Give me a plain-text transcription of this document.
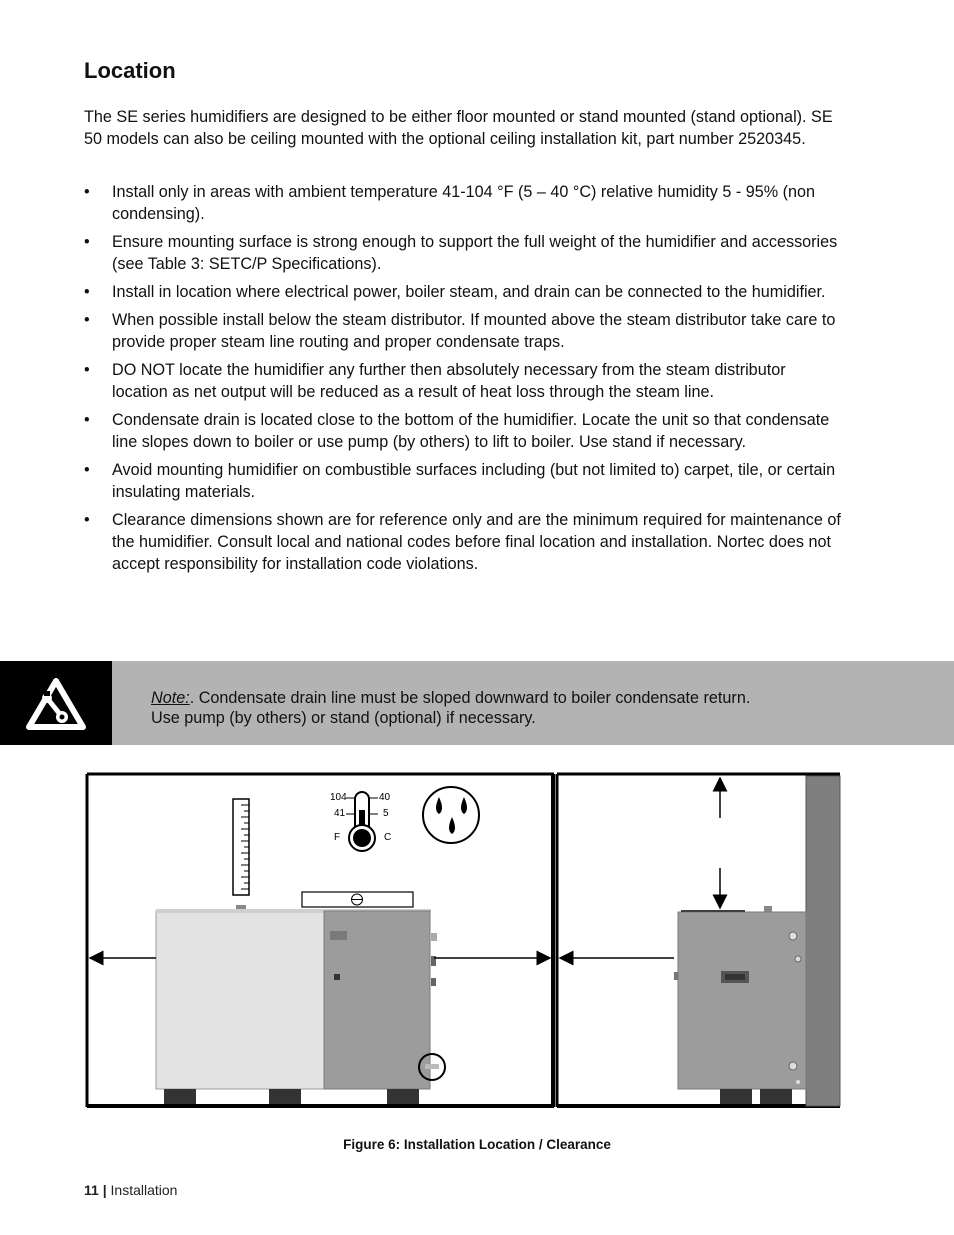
Location
The SE series humidifiers are designed to be either floor mounted or stand mounted (stand optional). SE 50 models can also be ceiling mounted with the optional ceiling installation kit, part number 2520345.
•	Install only in areas with ambient temperature 41-104 °F (5 – 40 °C) relative humidity 5 - 95% (non condensing).
•	Ensure mounting surface is strong enough to support the full weight of the humidifier and accessories (see Table 3: SETC/P Specifications).
•	Install in location where electrical power, boiler steam, and drain can be connected to the humidifier.
•	When possible install below the steam distributor. If mounted above the steam distributor take care to provide proper steam line routing and proper condensate traps.
•	DO NOT locate the humidifier any further then absolutely necessary from the steam distributor location as net output will be reduced as a result of heat loss through the steam line.
•	Condensate drain is located close to the bottom of the humidifier. Locate the unit so that condensate line slopes down to boiler or use pump (by others) to lift to boiler. Use stand if necessary.
•	Avoid mounting humidifier on combustible surfaces including (but not limited to) carpet, tile, or certain insulating materials.
•	Clearance dimensions shown are for reference only and are the minimum required for maintenance of the humidifier. Consult local and national codes before final location and installation. Nortec does not accept responsibility for installation code violations.
Note:. Condensate drain line must be sloped downward to boiler condensate return.
Use pump (by others) or stand (optional) if necessary.
104
41
40
5
F	C
Figure 6: Installation Location / Clearance
11 | Installation
